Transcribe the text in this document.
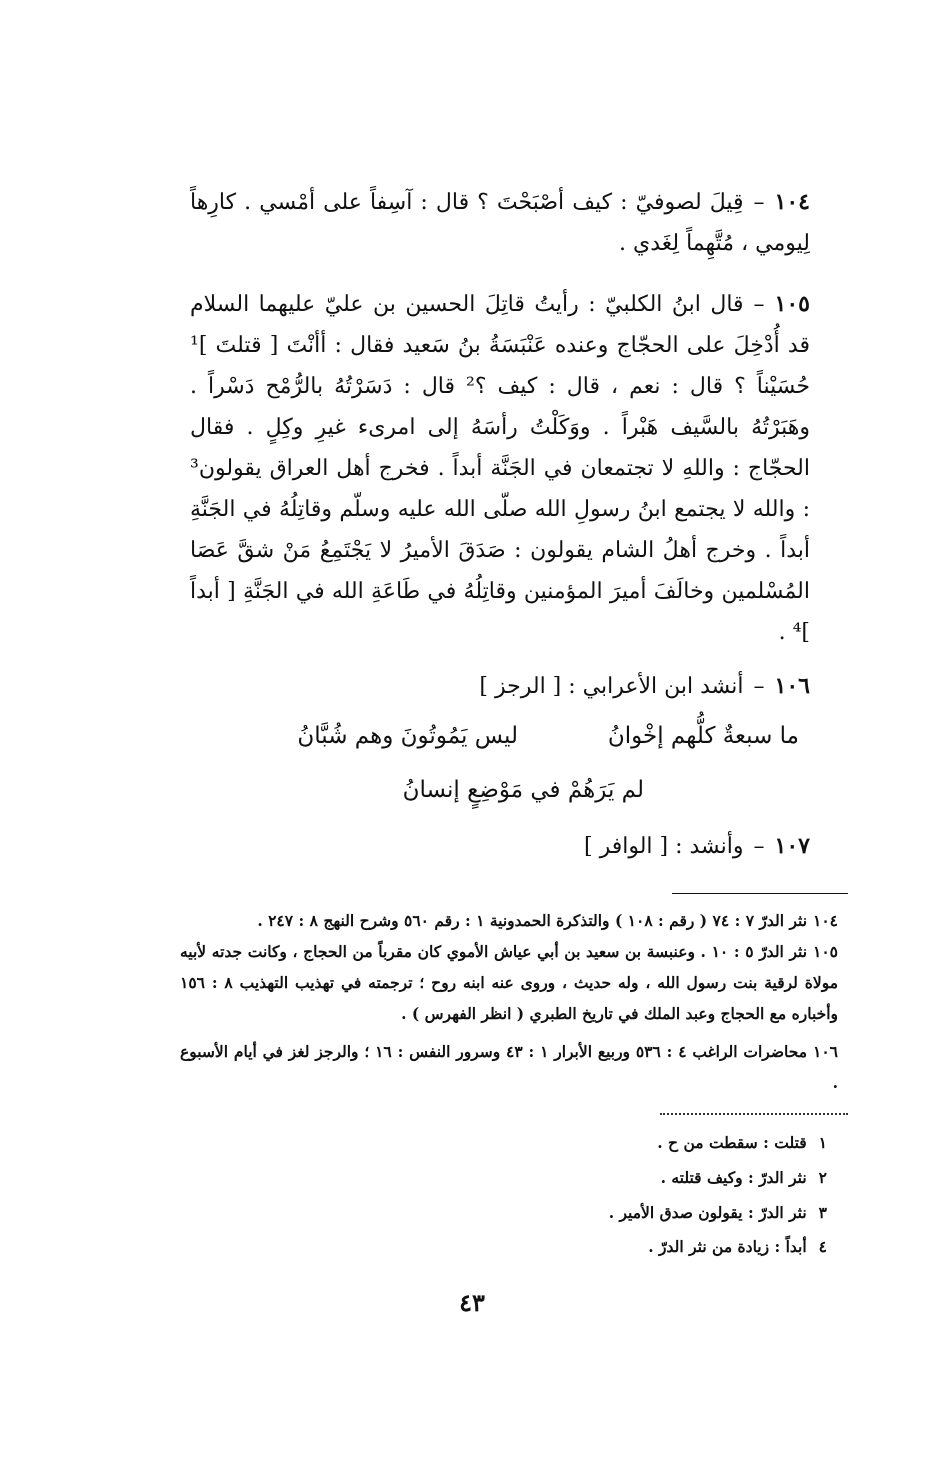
١٠٤–قِيلَ لصوفيّ : كيف أصْبَحْتَ ؟ قال : آسِفاً على أمْسي . كارِهاً لِيومي ، مُتَّهِماً لِغَدي .
١٠٥–قال ابنُ الكلبيّ : رأيتُ قاتِلَ الحسين بن عليّ عليهما السلام قد أُدْخِلَ على الحجّاج وعنده عَنْبَسَةُ بنُ سَعيد فقال : أأنْتَ [ قتلتَ ]¹ حُسَيْناً ؟ قال : نعم ، قال : كيف ؟² قال : دَسَرْتُهُ بالرُّمْح دَسْراً . وهَبَرْتُهُ بالسَّيف هَبْراً . ووَكَلْتُ رأسَهُ إلى امرىء غيرِ وكِلٍ . فقال الحجّاج : واللهِ لا تجتمعان في الجَنَّة أبداً . فخرج أهل العراق يقولون³ : والله لا يجتمع ابنُ رسولِ الله صلّى الله عليه وسلّم وقاتِلُهُ في الجَنَّةِ أبداً . وخرج أهلُ الشام يقولون : صَدَقَ الأميرُ لا يَجْتَمِعُ مَنْ شقَّ عَصَا المُسْلمين وخالَفَ أميرَ المؤمنين وقاتِلُهُ في طَاعَةِ الله في الجَنَّةِ [ أبداً ]⁴ .
١٠٦–أنشد ابن الأعرابي : [ الرجز ]
ما سبعةٌ كلُّهم إخْوانُ
ليس يَمُوتُونَ وهم شُبَّانُ
لم يَرَهُمْ في مَوْضِعٍ إنسانُ
١٠٧–وأنشد : [ الوافر ]
١٠٤نثر الدرّ ٧ : ٧٤ ( رقم : ١٠٨ ) والتذكرة الحمدونية ١ : رقم ٥٦٠ وشرح النهج ٨ : ٢٤٧ .
١٠٥نثر الدرّ ٥ : ١٠ . وعنبسة بن سعيد بن أبي عياش الأموي كان مقرباً من الحجاج ، وكانت جدته لأبيه مولاة لرقية بنت رسول الله ، وله حديث ، وروى عنه ابنه روح ؛ ترجمته في تهذيب التهذيب ٨ : ١٥٦ وأخباره مع الحجاج وعبد الملك في تاريخ الطبري ( انظر الفهرس ) .
١٠٦محاضرات الراغب ٤ : ٥٣٦ وربيع الأبرار ١ : ٤٣ وسرور النفس : ١٦ ؛ والرجز لغز في أيام الأسبوع .
١قتلت : سقطت من ح .
٢نثر الدرّ : وكيف قتلته .
٣نثر الدرّ : يقولون صدق الأمير .
٤أبداً : زيادة من نثر الدرّ .
٤٣
